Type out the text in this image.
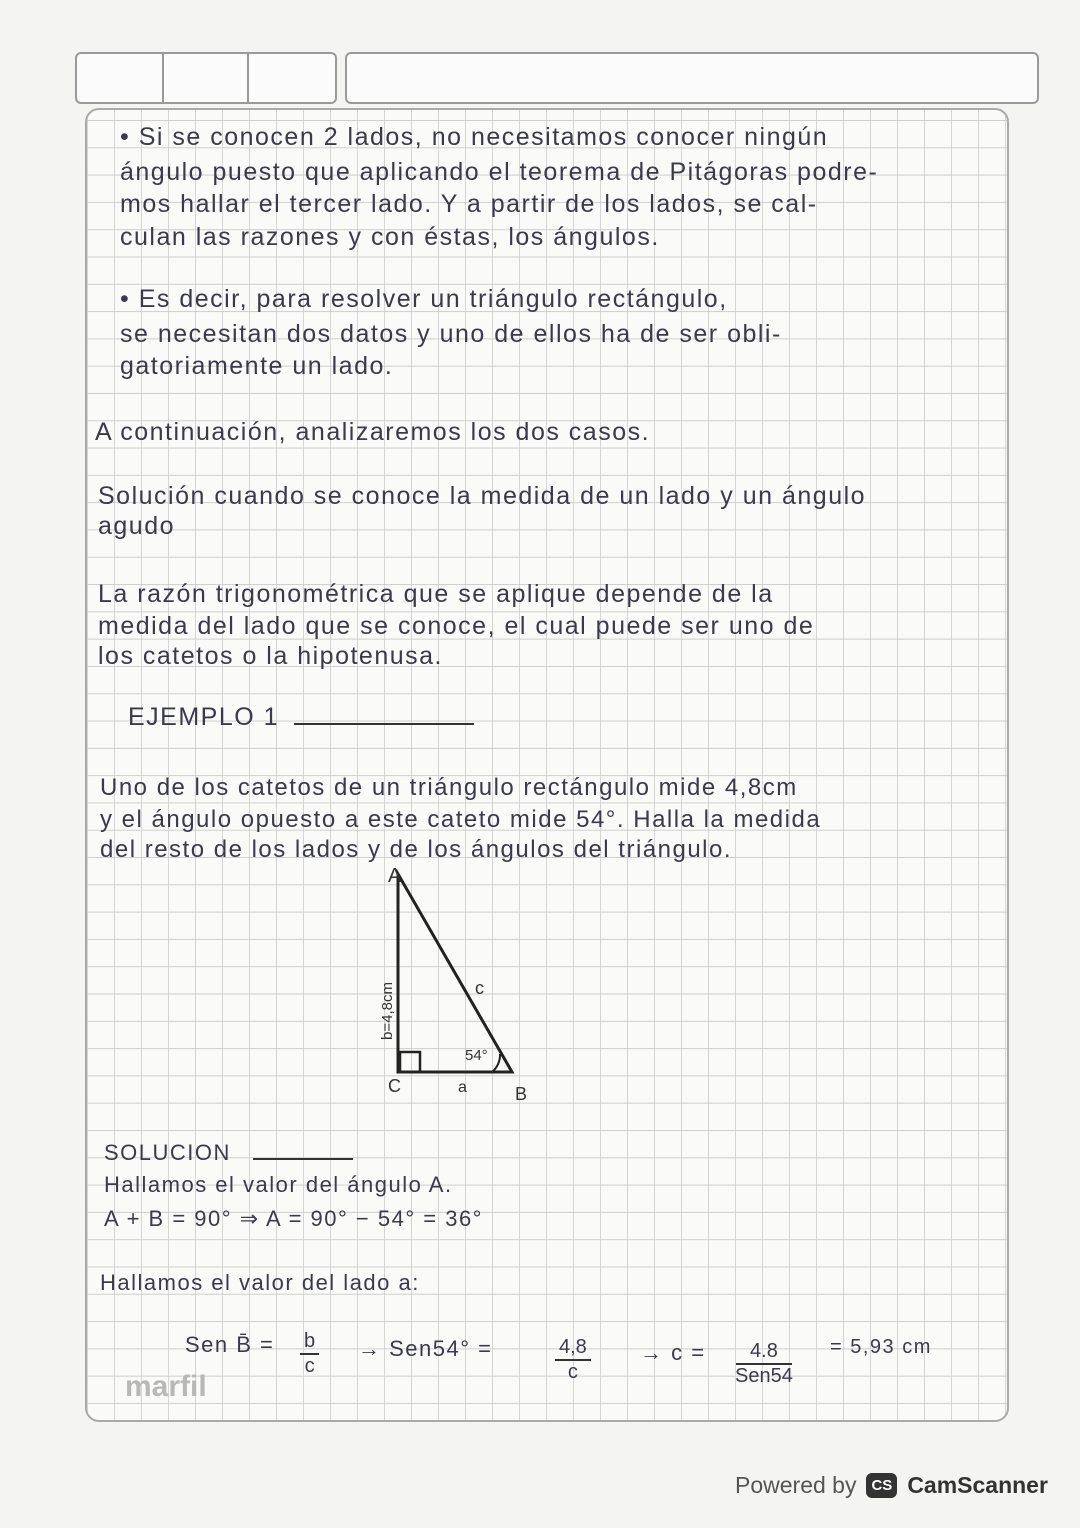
• Si se conocen 2 lados, no necesitamos conocer ningún
ángulo puesto que aplicando el teorema de Pitágoras podre-
mos hallar el tercer lado. Y a partir de los lados, se cal-
culan las razones y con éstas, los ángulos.
• Es decir, para resolver un triángulo rectángulo,
se necesitan dos datos y uno de ellos ha de ser obli-
gatoriamente un lado.
A continuación, analizaremos los dos casos.
Solución cuando se conoce la medida de un lado y un ángulo
agudo
La razón trigonométrica que se aplique depende de la
medida del lado que se conoce, el cual puede ser uno de
los catetos o la hipotenusa.
EJEMPLO 1
Uno de los catetos de un triángulo rectángulo mide 4,8cm
y el ángulo opuesto a este cateto mide 54°. Halla la medida
del resto de los lados y de los ángulos del triángulo.
A
C	B
a
c
54°
b=4,8cm
SOLUCION
Hallamos el valor del ángulo A.
A + B = 90° ⇒ A = 90° − 54° = 36°
Hallamos el valor del lado a:
Sen B̄ = $\frac{b}{c} \to Sen54^\circ$ =	$\frac{4,8}{c} \to c$ =	4.8
Sen54
= 5,93 cm
marfil
Powered by	CS CamScanner
